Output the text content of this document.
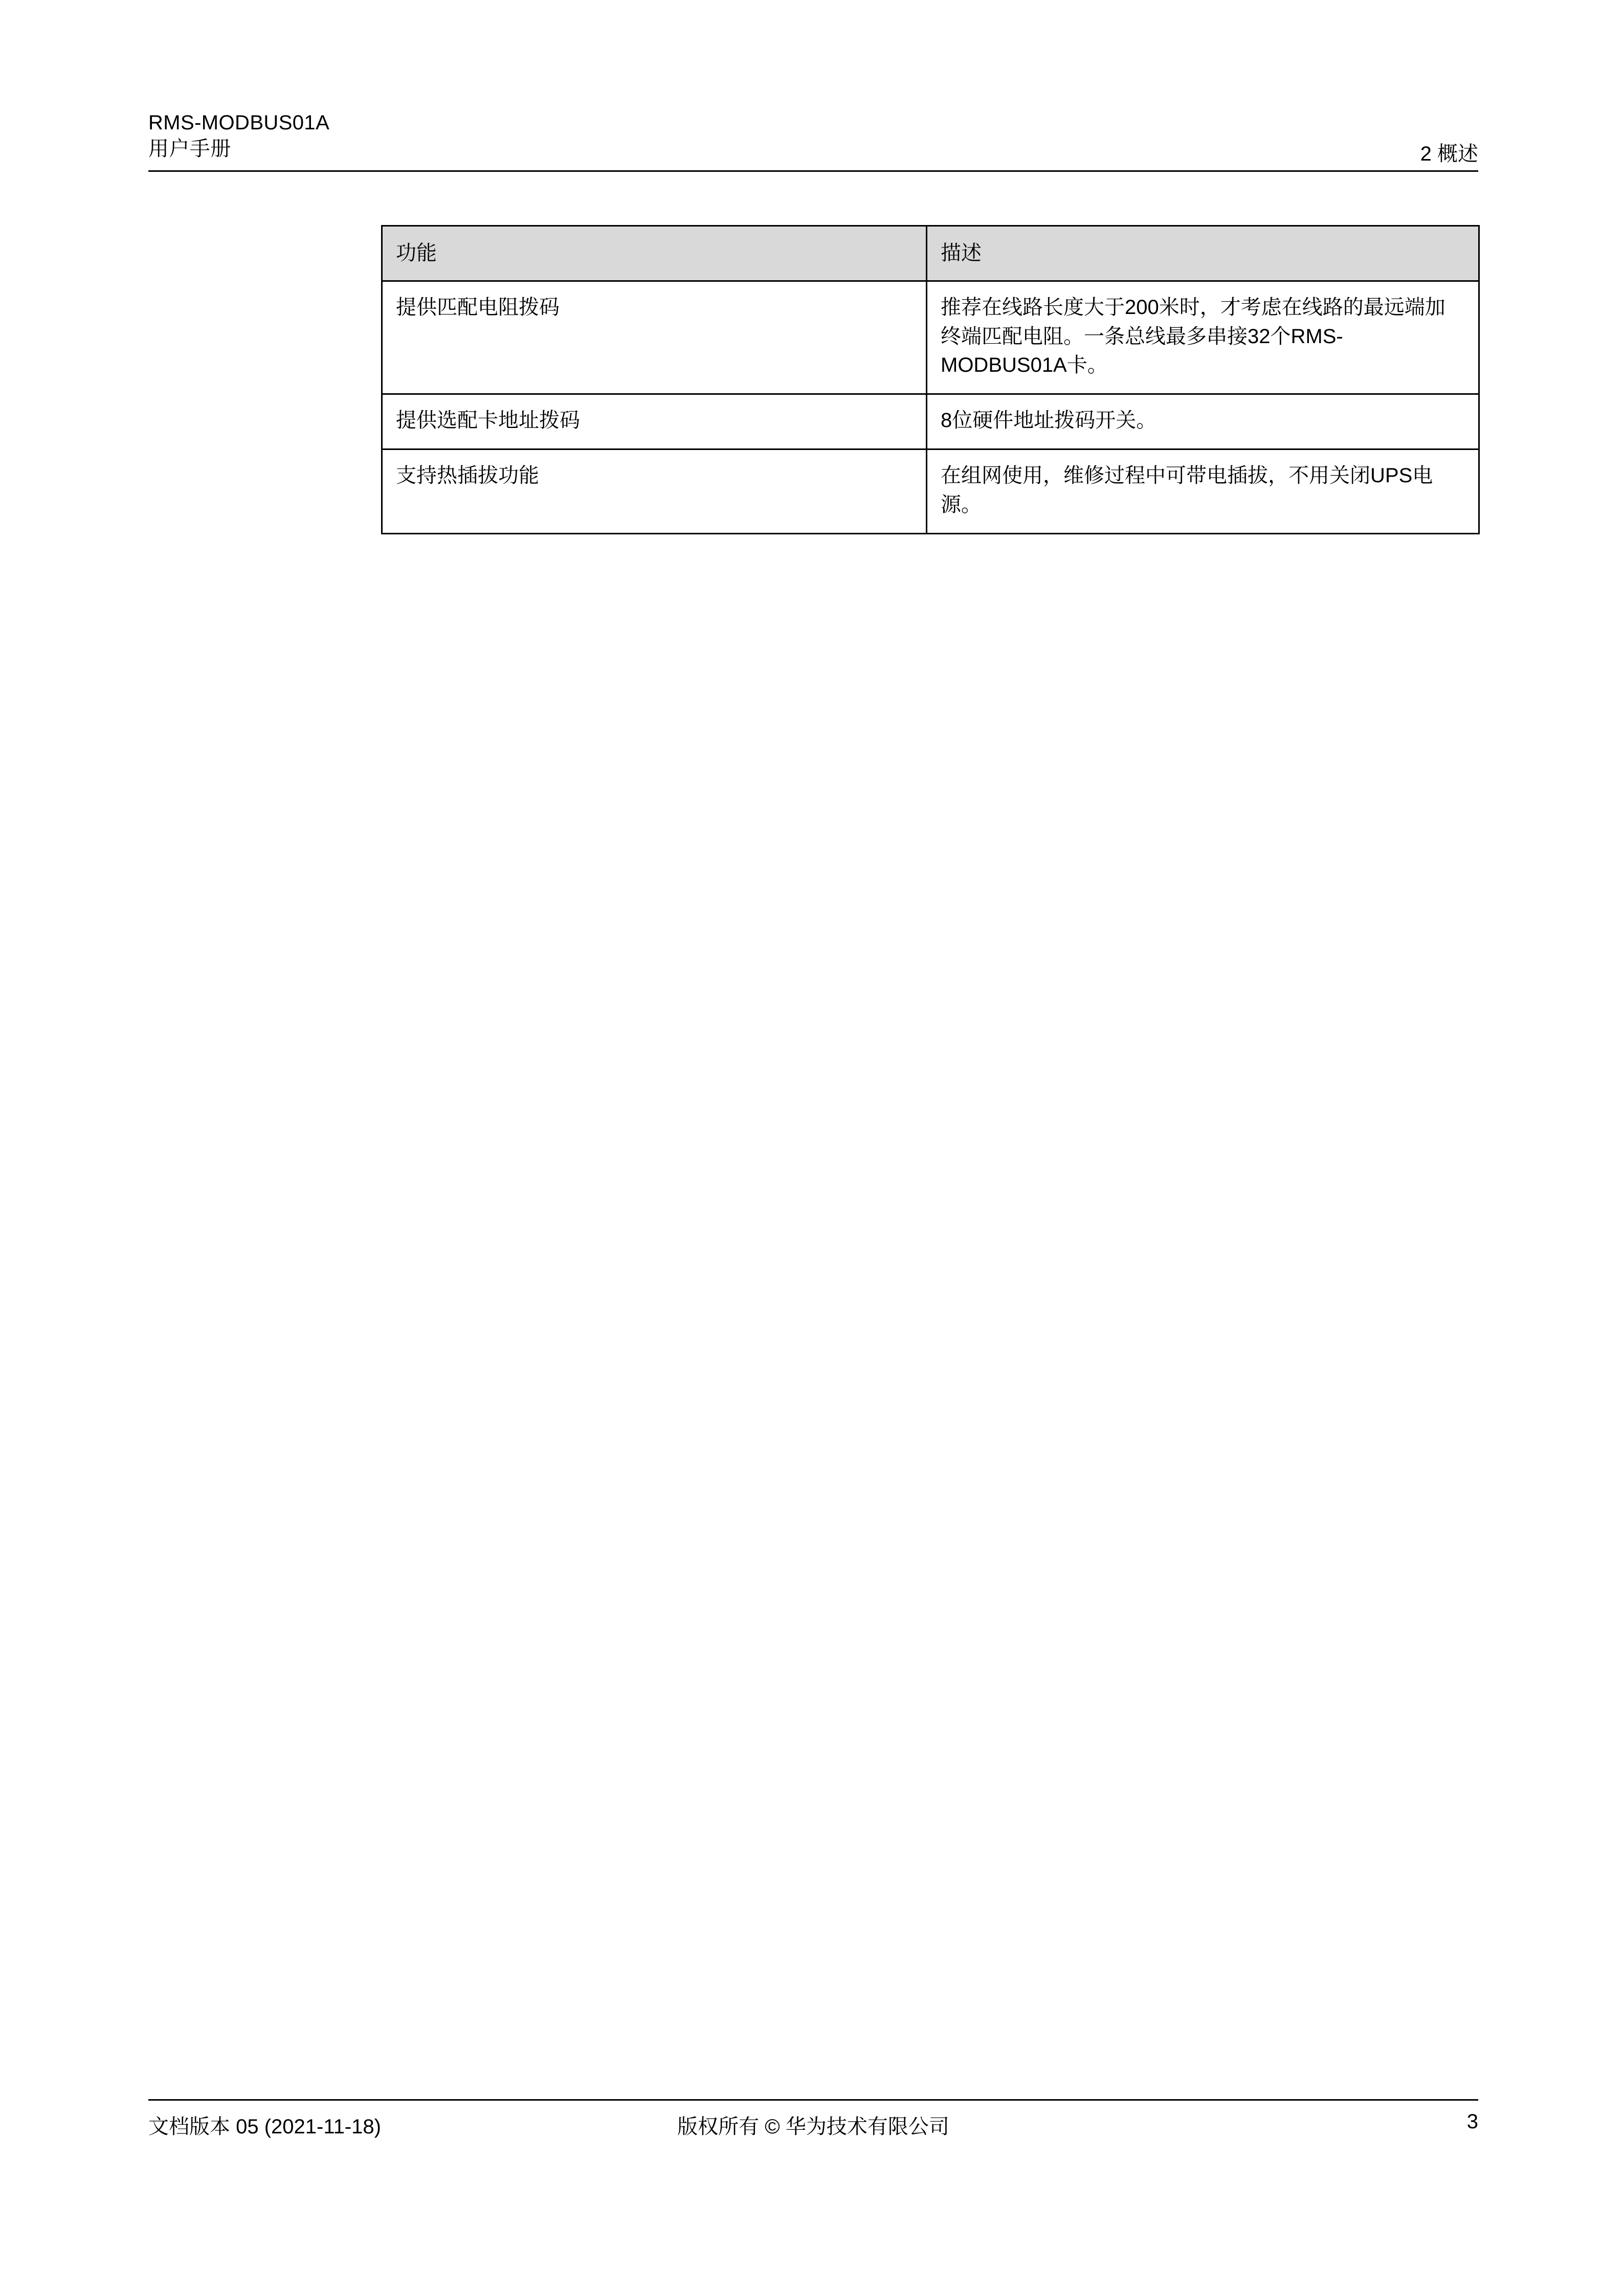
RMS-MODBUS01A
用户手册	2 概述
功能	描述
提供匹配电阻拨码	推荐在线路长度大于200米时，才考虑在线路的最远端加终端匹配电阻。一条总线最多串接32个RMS-MODBUS01A卡。
提供选配卡地址拨码	8位硬件地址拨码开关。
支持热插拔功能	在组网使用，维修过程中可带电插拔，不用关闭UPS电源。
文档版本 05 (2021-11-18)	版权所有 © 华为技术有限公司	3
